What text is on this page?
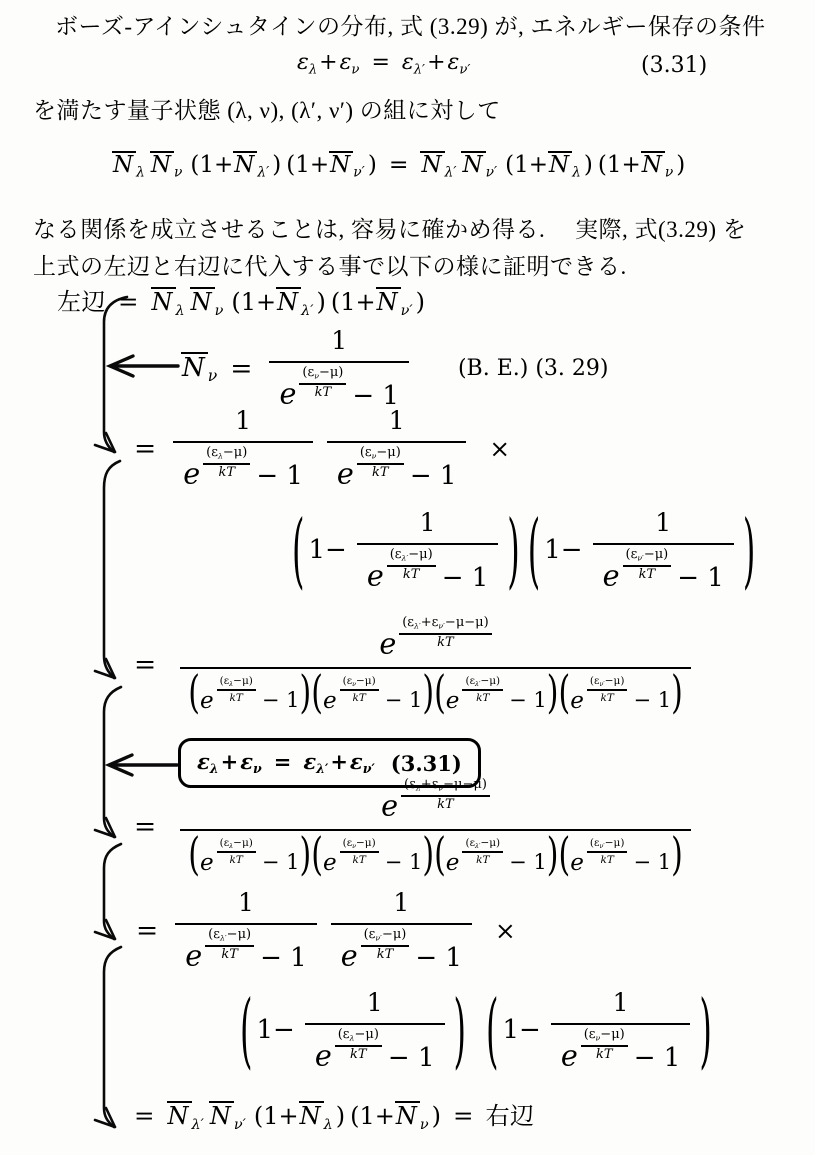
ボーズ-アインシュタインの分布, 式 (3.29) が, エネルギー保存の条件
$\varepsilon_\lambda+\varepsilon_\nu = \varepsilon_{\lambda'}+\varepsilon_{\nu'}$	(3.31)
を満たす量子状態 (λ, ν), (λ′, ν′) の組に対して
N $_\lambda$ N $_\nu$ (1+N $_{\lambda'}$ ) (1+N $_{\nu'}$ ) = N $_{\lambda'}$ N $_{\nu'}$ (1+N $_\lambda$ ) (1+N $_\nu$ )
なる関係を成立させることは, 容易に確かめ得る.　 実際, 式(3.29) を
上式の左辺と右辺に代入する事で以下の様に証明できる.
左辺 = N $_\lambda$ N $_\nu$ (1+N $_{\lambda'}$ ) (1+N $_{\nu'}$ )
N $_\nu = \frac{1}{e \frac{(\varepsilon_\nu-\mu)}{kT} - 1} (B$. E.) (3. 29)
= $\frac{1}{e \frac{(\varepsilon_\lambda-\mu)}{kT} - 1} \frac{1}{e \frac{(\varepsilon_\nu-\mu)}{kT} - 1}$ ×
( $1- \frac{1}{e \frac{(\varepsilon_{\lambda'}-\mu)}{kT} - 1}$ ) ( $1- \frac{1}{e \frac{(\varepsilon_{\nu'}-\mu)}{kT} - 1}$ )
= $\frac{e \frac{(\varepsilon_{\lambda'}+\varepsilon_{\nu'}-\mu-\mu)}{kT}}{( e \frac{(\varepsilon_\lambda-\mu)}{kT} - 1 ) ( e \frac{(\varepsilon_\nu-\mu)}{kT} - 1 ) ( e \frac{(\varepsilon_{\lambda'}-\mu)}{kT} - 1 ) ( e \frac{(\varepsilon_{\nu'}-\mu)}{kT} - 1 )}$
$\varepsilon_\lambda+\varepsilon_\nu = \varepsilon_{\lambda'}+\varepsilon_{\nu'}$ (3.31)
= $\frac{e \frac{(\varepsilon_\lambda+\varepsilon_\nu-\mu-\mu)}{kT}}{( e \frac{(\varepsilon_\lambda-\mu)}{kT} - 1 ) ( e \frac{(\varepsilon_\nu-\mu)}{kT} - 1 ) ( e \frac{(\varepsilon_{\lambda'}-\mu)}{kT} - 1 ) ( e \frac{(\varepsilon_{\nu'}-\mu)}{kT} - 1 )}$
= $\frac{1}{e \frac{(\varepsilon_{\lambda'}-\mu)}{kT} - 1} \frac{1}{e \frac{(\varepsilon_{\nu'}-\mu)}{kT} - 1}$ ×
( $1- \frac{1}{e \frac{(\varepsilon_\lambda-\mu)}{kT} - 1}$ ) ( $1- \frac{1}{e \frac{(\varepsilon_\nu-\mu)}{kT} - 1}$ )
= N $_{\lambda'}$ N $_{\nu'}$ (1+N $_\lambda$ ) (1+N $_\nu$ ) = 右辺
